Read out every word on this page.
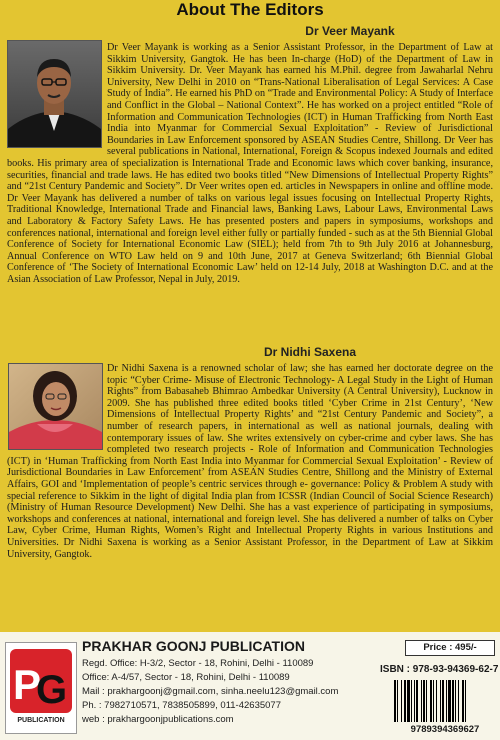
About The Editors
Dr Veer Mayank

Dr Veer Mayank is working as a Senior Assistant Professor, in the Department of Law at Sikkim University, Gangtok. He has been In-charge (HoD) of the Department of Law in Sikkim University. Dr. Veer Mayank has earned his M.Phil. degree from Jawaharlal Nehru University, New Delhi in 2010 on “Trans-National Liberalisation of Legal Services: A Case Study of India”. He earned his PhD on “Trade and Environmental Policy: A Study of Interface and Conflict in the Global – National Context”. He has worked on a project entitled “Role of Information and Communication Technologies (ICT) in Human Trafficking from North East India into Myanmar for Commercial Sexual Exploitation” - Review of Jurisdictional Boundaries in Law Enforcement sponsored by ASEAN Studies Centre, Shillong. Dr Veer has several publications in National, International, Foreign & Scopus indexed Journals and edited books. His primary area of specialization is International Trade and Economic laws which cover banking, insurance, securities, financial and trade laws. He has edited two books titled “New Dimensions of Intellectual Property Rights” and “21st Century Pandemic and Society”. Dr Veer writes open ed. articles in Newspapers in online and offline mode. Dr Veer Mayank has delivered a number of talks on various legal issues focusing on Intellectual Property Rights, Traditional Knowledge, International Trade and Financial laws, Banking Laws, Labour Laws, Environmental Laws and Laboratory & Factory Safety Laws. He has presented posters and papers in symposiums, workshops and conferences national, international and foreign level either fully or partially funded - such as at the 5th Biennial Global Conference of Society for International Economic Law (SIEL); held from 7th to 9th July 2016 at Johannesburg, Annual Conference on WTO Law held on 9 and 10th June, 2017 at Geneva Switzerland; 6th Biennial Global Conference of ‘The Society of International Economic Law’ held on 12-14 July, 2018 at Washington D.C. and at the Asian Association of Law Professor, Nepal in July, 2019.

Dr Nidhi Saxena

Dr Nidhi Saxena is a renowned scholar of law; she has earned her doctorate degree on the topic “Cyber Crime- Misuse of Electronic Technology- A Legal Study in the Light of Human Rights” from Babasaheb Bhimrao Ambedkar University (A Central University), Lucknow in 2009. She has published three edited books titled ‘Cyber Crime in 21st Century’, ‘New Dimensions of Intellectual Property Rights’ and “21st Century Pandemic and Society”, a number of research papers, in international as well as national journals, dealing with contemporary issues of law. She writes extensively on cyber-crime and cyber laws. She has completed two research projects - Role of Information and Communication Technologies (ICT) in ‘Human Trafficking from North East India into Myanmar for Commercial Sexual Exploitation’ - Review of Jurisdictional Boundaries in Law Enforcement’ from ASEAN Studies Centre, Shillong and the Ministry of External Affairs, GOI and ‘Implementation of people’s centric services through e- governance: Policy & Problem A study with special reference to Sikkim in the light of digital India plan from ICSSR (Indian Council of Social Science Research) (Ministry of Human Resource Development) New Delhi. She has a vast experience of participating in symposiums, workshops and conferences at national, international and foreign level. She has delivered a number of talks on Cyber Law, Cyber Crime, Human Rights, Women’s Right and Intellectual Property Rights in various Institutions and Universities. Dr Nidhi Saxena is working as a Senior Assistant Professor, in the Department of Law at Sikkim University, Gangtok.

P
G
PUBLICATION
PRAKHAR GOONJ PUBLICATION
Regd. Office: H-3/2, Sector - 18, Rohini, Delhi - 110089
Office: A-4/57, Sector - 18, Rohini, Delhi - 110089
Mail : prakhargoonj@gmail.com, sinha.neelu123@gmail.com
Ph. : 7982710571, 7838505899, 011-42635077
web : prakhargoonjpublications.com
Price : 495/-
ISBN : 978-93-94369-62-7
9789394369627
